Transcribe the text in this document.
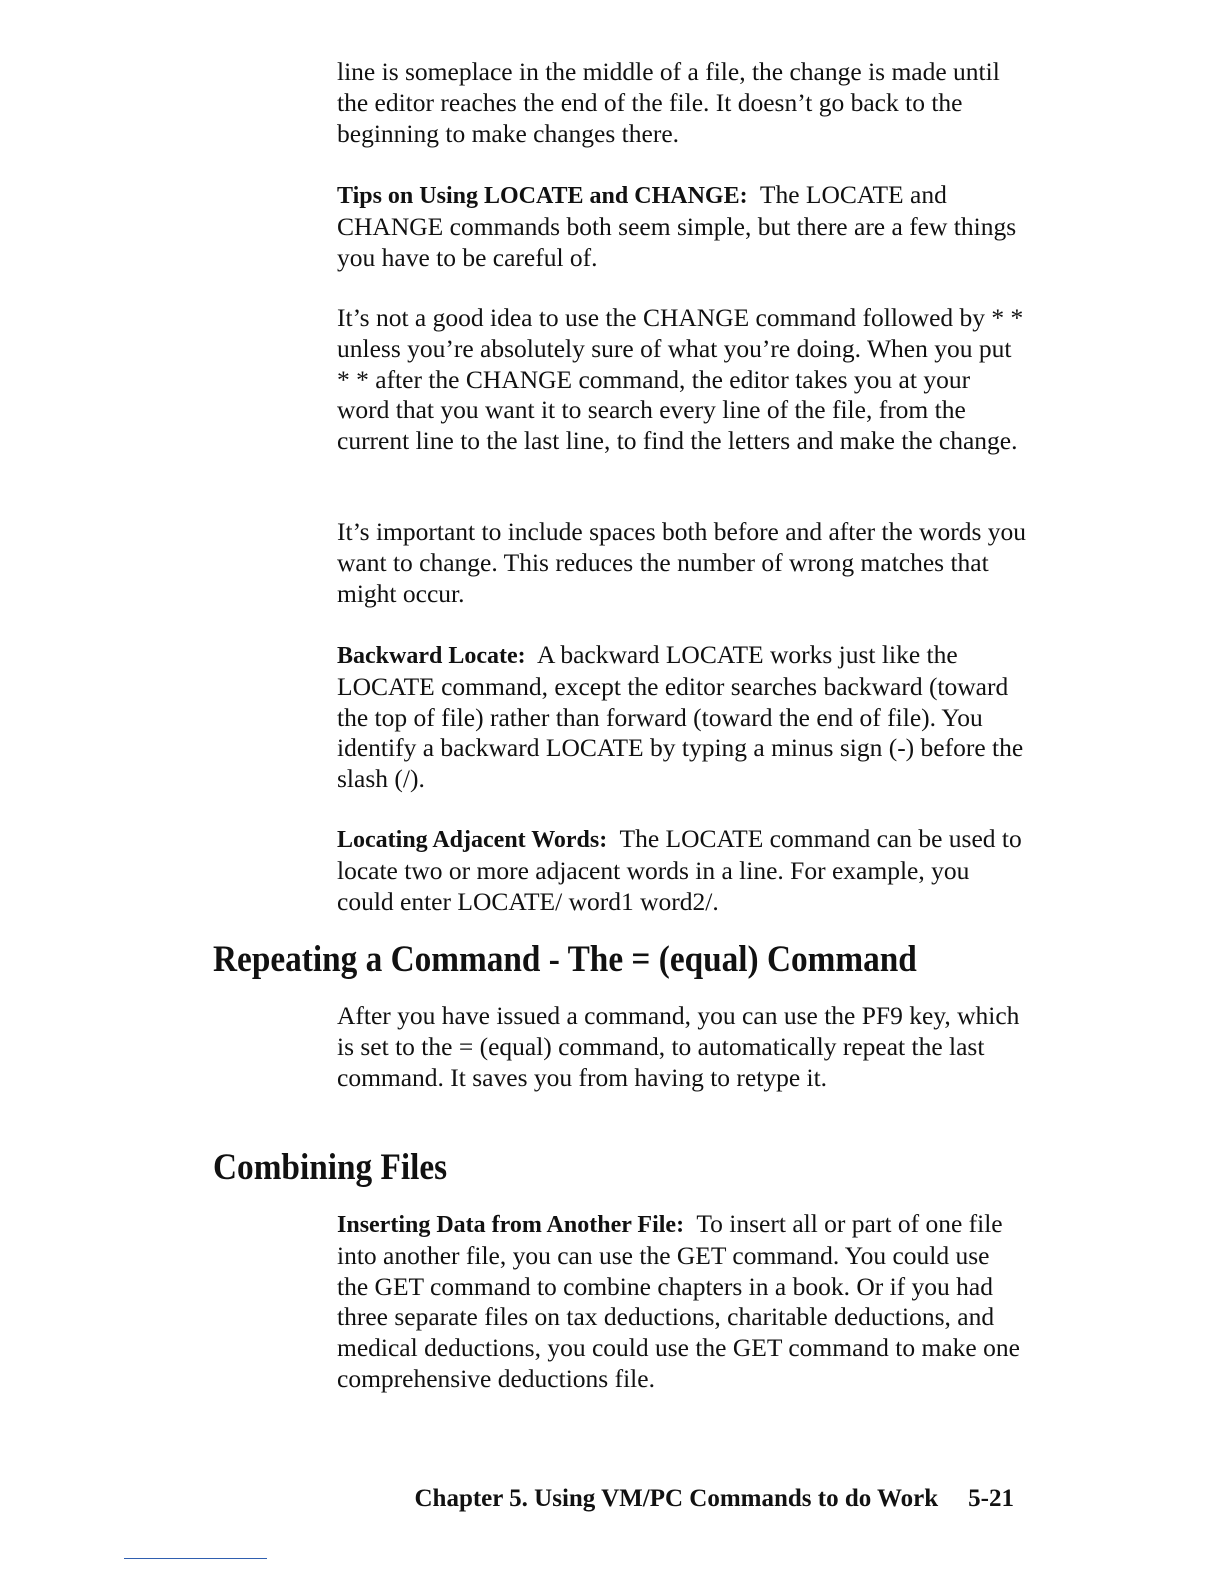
line is someplace in the middle of a file, the change is made until the editor reaches the end of the file. It doesn’t go back to the beginning to make changes there.

Tips on Using LOCATE and CHANGE: The LOCATE and CHANGE commands both seem simple, but there are a few things you have to be careful of.

It’s not a good idea to use the CHANGE command followed by * * unless you’re absolutely sure of what you’re doing. When you put * * after the CHANGE command, the editor takes you at your word that you want it to search every line of the file, from the current line to the last line, to find the letters and make the change.

It’s important to include spaces both before and after the words you want to change. This reduces the number of wrong matches that might occur.

Backward Locate: A backward LOCATE works just like the LOCATE command, except the editor searches backward (toward the top of file) rather than forward (toward the end of file). You identify a backward LOCATE by typing a minus sign (-) before the slash (/).

Locating Adjacent Words: The LOCATE command can be used to locate two or more adjacent words in a line. For example, you could enter LOCATE/ word1 word2/.

Repeating a Command - The = (equal) Command

After you have issued a command, you can use the PF9 key, which is set to the = (equal) command, to automatically repeat the last command. It saves you from having to retype it.

Combining Files

Inserting Data from Another File: To insert all or part of one file into another file, you can use the GET command. You could use the GET command to combine chapters in a book. Or if you had three separate files on tax deductions, charitable deductions, and medical deductions, you could use the GET command to make one comprehensive deductions file.

Chapter 5. Using VM/PC Commands to do Work 5-21
